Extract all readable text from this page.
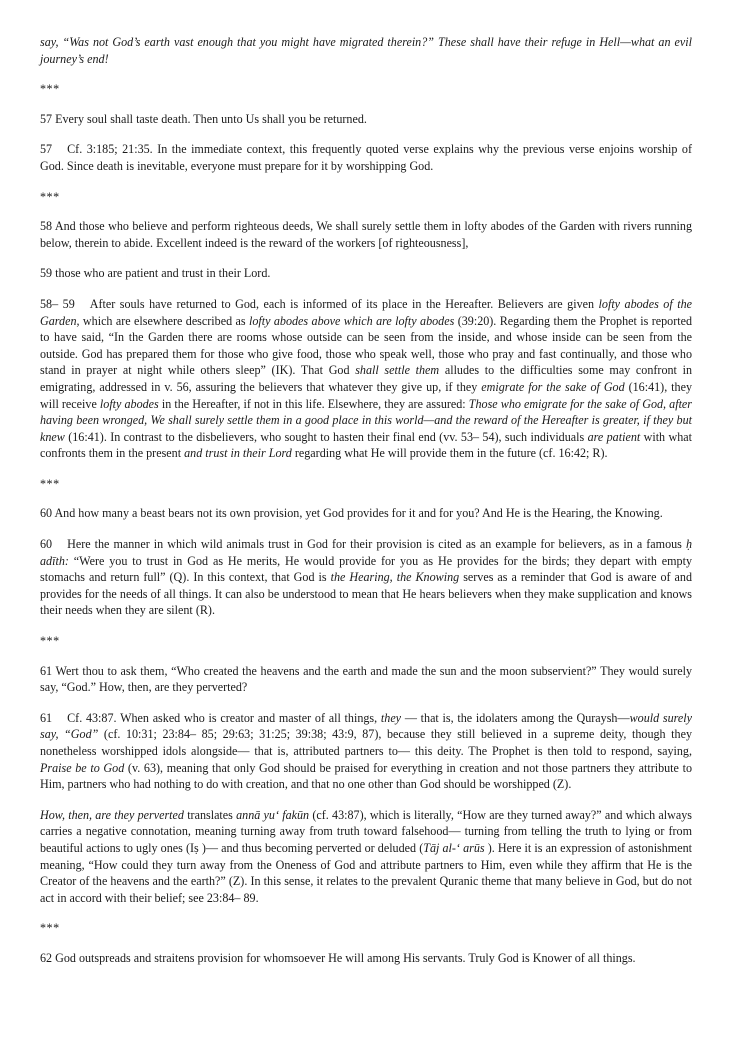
say, “Was not God’s earth vast enough that you might have migrated therein?” These shall have their refuge in Hell—what an evil journey’s end!

***

57 Every soul shall taste death. Then unto Us shall you be returned.

57 Cf. 3:185; 21:35. In the immediate context, this frequently quoted verse explains why the previous verse enjoins worship of God. Since death is inevitable, everyone must prepare for it by worshipping God.

***

58 And those who believe and perform righteous deeds, We shall surely settle them in lofty abodes of the Garden with rivers running below, therein to abide. Excellent indeed is the reward of the workers [of righteousness],

59 those who are patient and trust in their Lord.

58– 59 After souls have returned to God, each is informed of its place in the Hereafter. Believers are given lofty abodes of the Garden, which are elsewhere described as lofty abodes above which are lofty abodes (39:20). Regarding them the Prophet is reported to have said, “In the Garden there are rooms whose outside can be seen from the inside, and whose inside can be seen from the outside. God has prepared them for those who give food, those who speak well, those who pray and fast continually, and those who stand in prayer at night while others sleep” (IK). That God shall settle them alludes to the difficulties some may confront in emigrating, addressed in v. 56, assuring the believers that whatever they give up, if they emigrate for the sake of God (16:41), they will receive lofty abodes in the Hereafter, if not in this life. Elsewhere, they are assured: Those who emigrate for the sake of God, after having been wronged, We shall surely settle them in a good place in this world—and the reward of the Hereafter is greater, if they but knew (16:41). In contrast to the disbelievers, who sought to hasten their final end (vv. 53– 54), such individuals are patient with what confronts them in the present and trust in their Lord regarding what He will provide them in the future (cf. 16:42; R).

***

60 And how many a beast bears not its own provision, yet God provides for it and for you? And He is the Hearing, the Knowing.

60 Here the manner in which wild animals trust in God for their provision is cited as an example for believers, as in a famous ḥ adīth: “Were you to trust in God as He merits, He would provide for you as He provides for the birds; they depart with empty stomachs and return full” (Q). In this context, that God is the Hearing, the Knowing serves as a reminder that God is aware of and provides for the needs of all things. It can also be understood to mean that He hears believers when they make supplication and knows their needs when they are silent (R).

***

61 Wert thou to ask them, “Who created the heavens and the earth and made the sun and the moon subservient?” They would surely say, “God.” How, then, are they perverted?

61 Cf. 43:87. When asked who is creator and master of all things, they — that is, the idolaters among the Quraysh—would surely say, “God” (cf. 10:31; 23:84– 85; 29:63; 31:25; 39:38; 43:9, 87), because they still believed in a supreme deity, though they nonetheless worshipped idols alongside— that is, attributed partners to— this deity. The Prophet is then told to respond, saying, Praise be to God (v. 63), meaning that only God should be praised for everything in creation and not those partners they attribute to Him, partners who had nothing to do with creation, and that no one other than God should be worshipped (Z).

How, then, are they perverted translates annā yuʻ fakūn (cf. 43:87), which is literally, “How are they turned away?” and which always carries a negative connotation, meaning turning away from truth toward falsehood— turning from telling the truth to lying or from beautiful actions to ugly ones (Iṣ )— and thus becoming perverted or deluded (Tāj al-ʻ arūs ). Here it is an expression of astonishment meaning, “How could they turn away from the Oneness of God and attribute partners to Him, even while they affirm that He is the Creator of the heavens and the earth?” (Z). In this sense, it relates to the prevalent Quranic theme that many believe in God, but do not act in accord with their belief; see 23:84– 89.

***

62 God outspreads and straitens provision for whomsoever He will among His servants. Truly God is Knower of all things.
